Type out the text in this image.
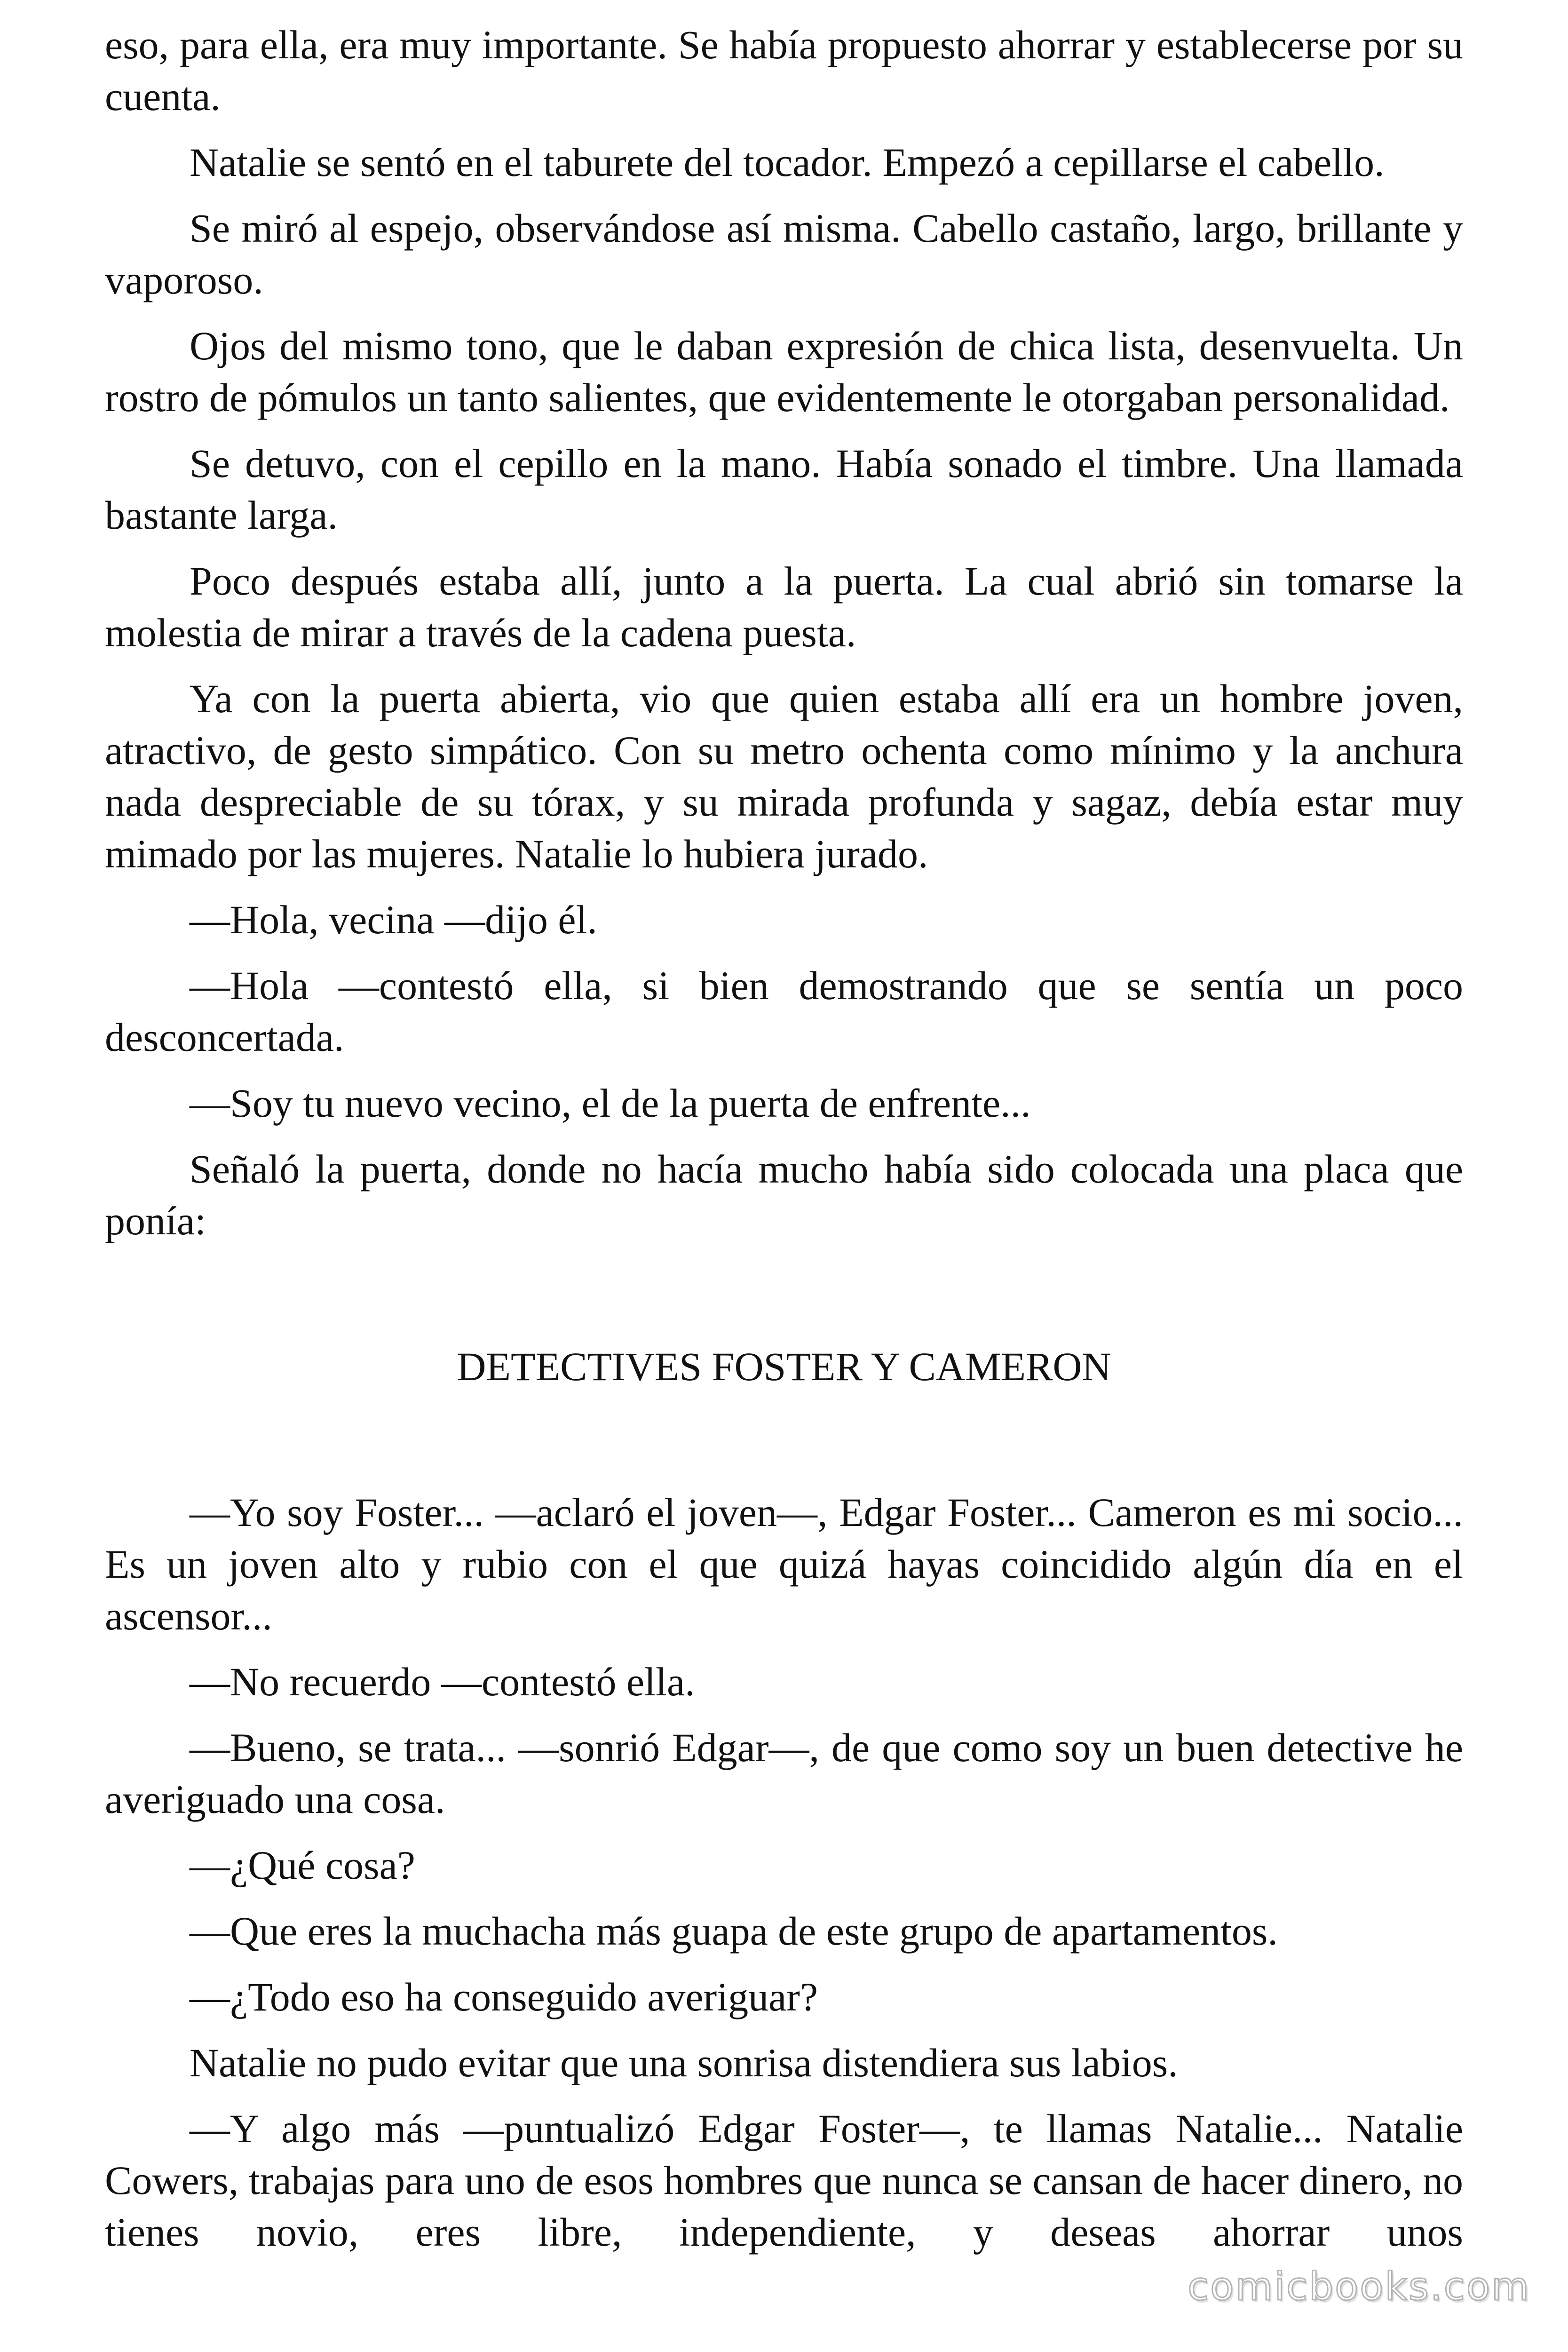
eso, para ella, era muy importante. Se había propuesto ahorrar y establecerse por su cuenta.

Natalie se sentó en el taburete del tocador. Empezó a cepillarse el cabello.

Se miró al espejo, observándose así misma. Cabello castaño, largo, brillante y vaporoso.

Ojos del mismo tono, que le daban expresión de chica lista, desenvuelta. Un rostro de pómulos un tanto salientes, que evidentemente le otorgaban personalidad.

Se detuvo, con el cepillo en la mano. Había sonado el timbre. Una llamada bastante larga.

Poco después estaba allí, junto a la puerta. La cual abrió sin tomarse la molestia de mirar a través de la cadena puesta.

Ya con la puerta abierta, vio que quien estaba allí era un hombre joven, atractivo, de gesto simpático. Con su metro ochenta como mínimo y la anchura nada despreciable de su tórax, y su mirada profunda y sagaz, debía estar muy mimado por las mujeres. Natalie lo hubiera jurado.

—Hola, vecina —dijo él.

—Hola —contestó ella, si bien demostrando que se sentía un poco desconcertada.

—Soy tu nuevo vecino, el de la puerta de enfrente...

Señaló la puerta, donde no hacía mucho había sido colocada una placa que ponía:

DETECTIVES FOSTER Y CAMERON

—Yo soy Foster... —aclaró el joven—, Edgar Foster... Cameron es mi socio... Es un joven alto y rubio con el que quizá hayas coincidido algún día en el ascensor...

—No recuerdo —contestó ella.

—Bueno, se trata... —sonrió Edgar—, de que como soy un buen detective he averiguado una cosa.

—¿Qué cosa?

—Que eres la muchacha más guapa de este grupo de apartamentos.

—¿Todo eso ha conseguido averiguar?

Natalie no pudo evitar que una sonrisa distendiera sus labios.

—Y algo más —puntualizó Edgar Foster—, te llamas Natalie... Natalie Cowers, trabajas para uno de esos hombres que nunca se cansan de hacer dinero, no tienes novio, eres libre, independiente, y deseas ahorrar unos

comicbooks.com
